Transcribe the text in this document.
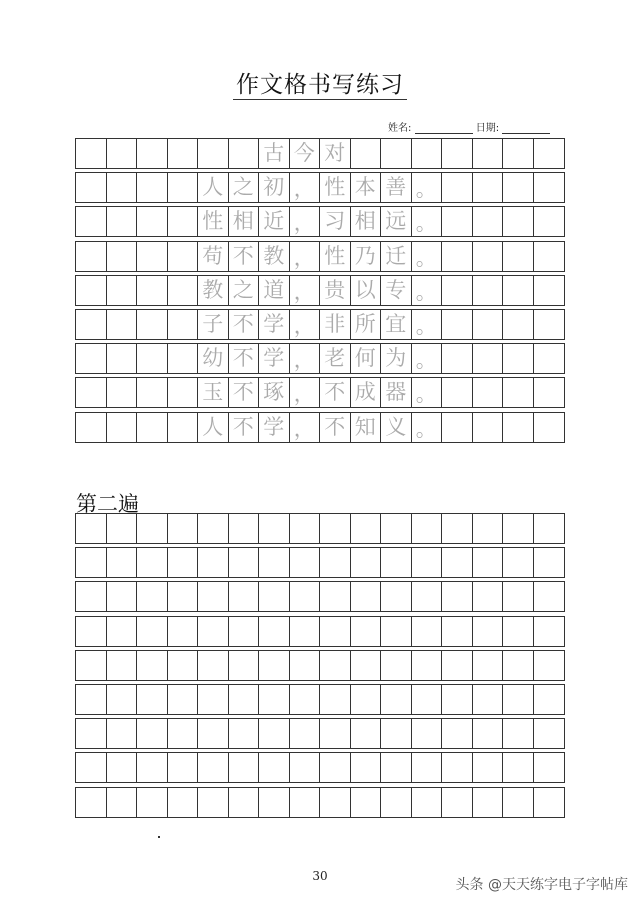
作文格书写练习
姓名:	日期:
古 今 对
人 之 初 ， 性 本 善 。
性 相 近 ， 习 相 远 。
苟 不 教 ， 性 乃 迁 。
教 之 道 ， 贵 以 专 。
子 不 学 ， 非 所 宜 。
幼 不 学 ， 老 何 为 。
玉 不 琢 ， 不 成 器 。
人 不 学 ， 不 知 义 。
第二遍
30
头条 @天天练字电子字帖库
